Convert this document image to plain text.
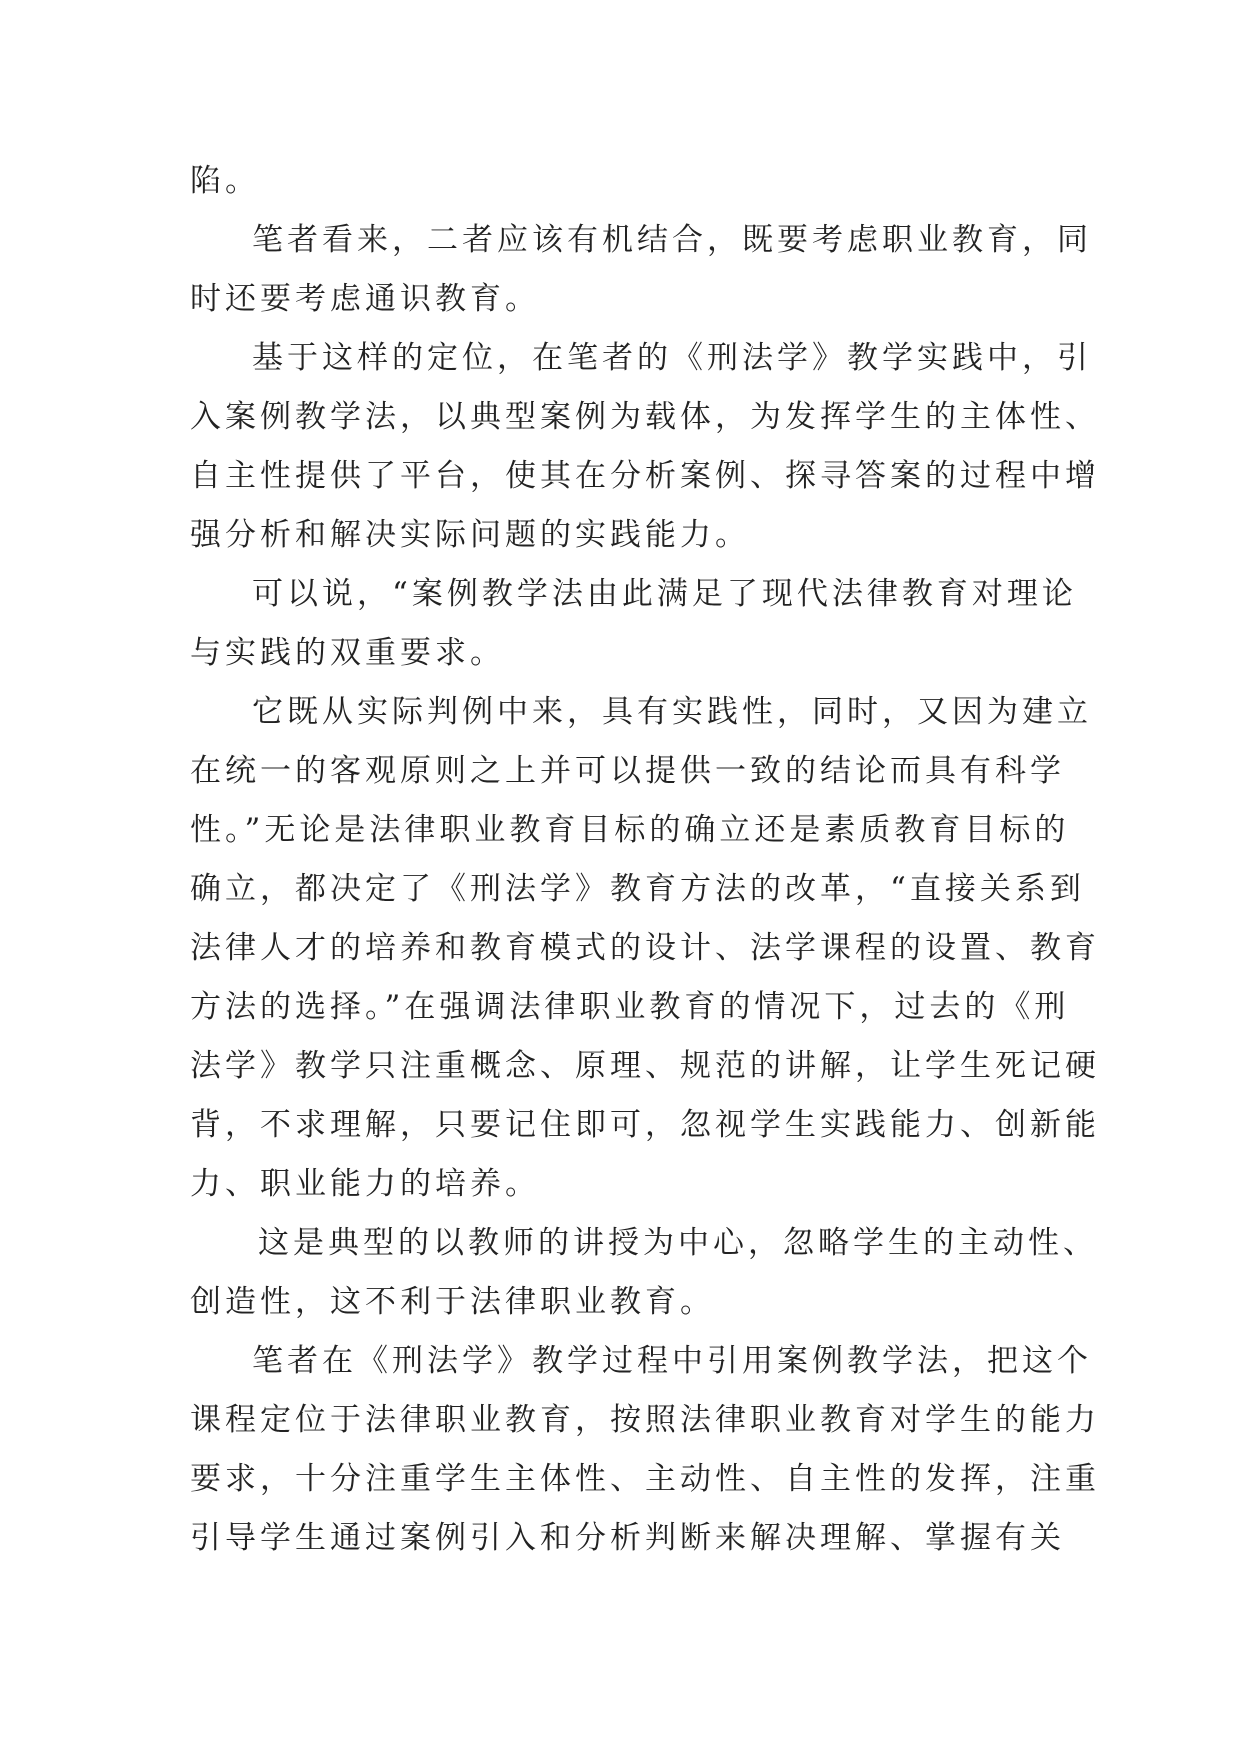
陷。
笔者看来，二者应该有机结合，既要考虑职业教育，同
时还要考虑通识教育。
基于这样的定位，在笔者的《刑法学》教学实践中，引
入案例教学法，以典型案例为载体，为发挥学生的主体性、
自主性提供了平台，使其在分析案例、探寻答案的过程中增
强分析和解决实际问题的实践能力。
可以说，“案例教学法由此满足了现代法律教育对理论
与实践的双重要求。
它既从实际判例中来，具有实践性，同时，又因为建立
在统一的客观原则之上并可以提供一致的结论而具有科学
性。”无论是法律职业教育目标的确立还是素质教育目标的
确立，都决定了《刑法学》教育方法的改革，“直接关系到
法律人才的培养和教育模式的设计、法学课程的设置、教育
方法的选择。”在强调法律职业教育的情况下，过去的《刑
法学》教学只注重概念、原理、规范的讲解，让学生死记硬
背，不求理解，只要记住即可，忽视学生实践能力、创新能
力、职业能力的培养。
这是典型的以教师的讲授为中心，忽略学生的主动性、
创造性，这不利于法律职业教育。
笔者在《刑法学》教学过程中引用案例教学法，把这个
课程定位于法律职业教育，按照法律职业教育对学生的能力
要求，十分注重学生主体性、主动性、自主性的发挥，注重
引导学生通过案例引入和分析判断来解决理解、掌握有关
